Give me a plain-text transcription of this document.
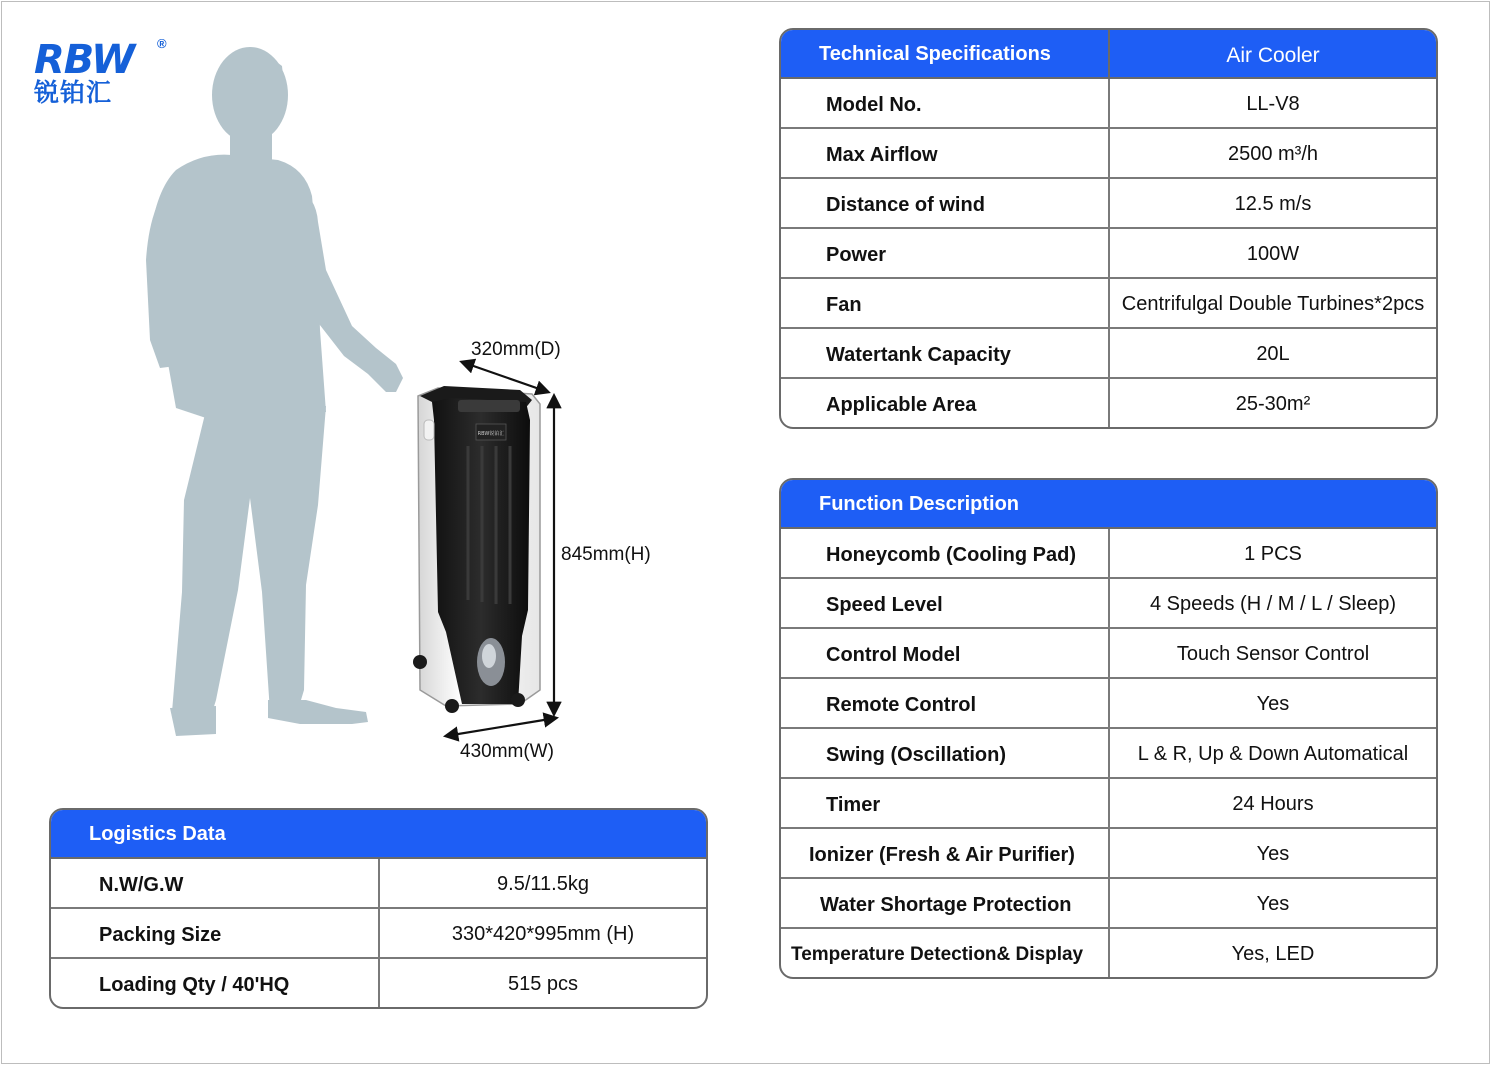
RBW ®
锐铂汇
RBW锐铂汇
320mm(D)
845mm(H)
430mm(W)
Technical Specifications	Air Cooler
Model No.	LL-V8
Max Airflow	2500 m³/h
Distance of wind	12.5 m/s
Power	100W
Fan	Centrifulgal Double Turbines*2pcs
Watertank Capacity	20L
Applicable Area	25-30m²
Function Description
Honeycomb (Cooling Pad)	1 PCS
Speed Level	4 Speeds (H / M / L / Sleep)
Control Model	Touch Sensor Control
Remote Control	Yes
Swing (Oscillation)	L & R, Up & Down Automatical
Timer	24 Hours
Ionizer (Fresh & Air Purifier)	Yes
Water Shortage Protection	Yes
Temperature Detection& Display	Yes, LED
Logistics Data
N.W/G.W	9.5/11.5kg
Packing Size	330*420*995mm (H)
Loading Qty / 40'HQ	515 pcs
